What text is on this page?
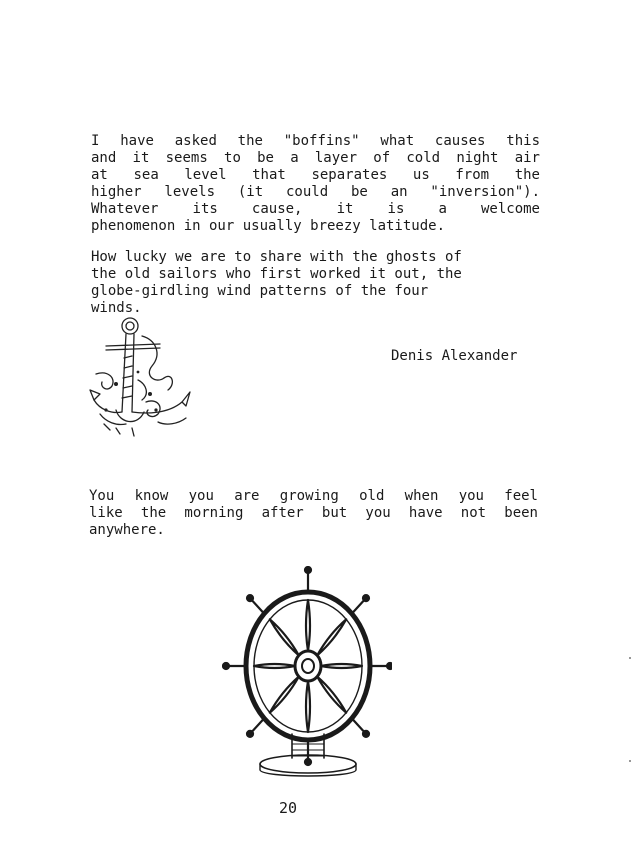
I have asked the "boffins" what causes this
and it seems to be a layer of cold night air
at sea level that separates us from the
higher levels (it could be an "inversion").
Whatever its cause, it is a welcome
phenomenon in our usually breezy latitude.
How lucky we are to share with the ghosts of
the old sailors who first worked it out, the
globe-girdling wind patterns of the four
winds.
Denis Alexander
You know you are growing old when you feel
like the morning after but you have not been
anywhere.
20
